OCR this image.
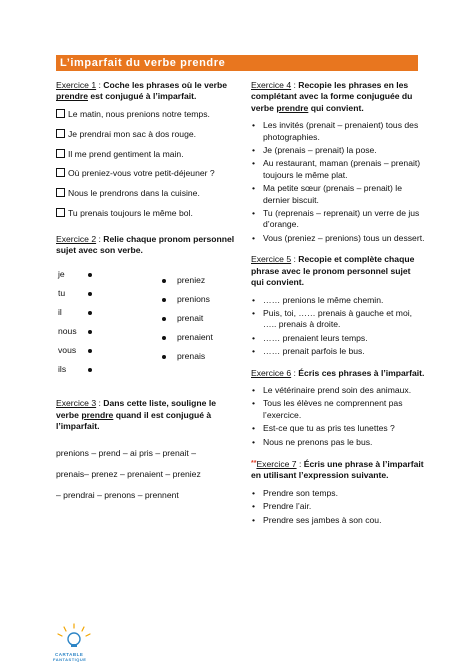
L’imparfait du verbe prendre

Exercice 1 : Coche les phrases où le verbe prendre est conjugué à l’imparfait.

Le matin, nous prenions notre temps.
Je prendrai mon sac à dos rouge.
Il me prend gentiment la main.
Où preniez-vous votre petit-déjeuner ?
Nous le prendrons dans la cuisine.
Tu prenais toujours le même bol.

Exercice 2 : Relie chaque pronom personnel sujet avec son verbe.

je
tu
il
nous
vous
ils
preniez
prenions
prenait
prenaient
prenais

Exercice 3 : Dans cette liste, souligne le verbe prendre quand il est conjugué à l’imparfait.

prenions – prend – ai pris – prenait –
prenais– prenez – prenaient – preniez
– prendrai – prenons – prennent

Exercice 4 : Recopie les phrases en les complétant avec la forme conjuguée du verbe prendre qui convient.

• Les invités (prenait – prenaient) tous des photographies.
• Je (prenais – prenait) la pose.
• Au restaurant, maman (prenais – prenait) toujours le même plat.
• Ma petite sœur (prenais – prenait) le dernier biscuit.
• Tu (reprenais – reprenait) un verre de jus d’orange.
• Vous (preniez – prenions) tous un dessert.

Exercice 5 : Recopie et complète chaque phrase avec le pronom personnel sujet qui convient.

• …… prenions le même chemin.
• Puis, toi, …… prenais à gauche et moi, ….. prenais à droite.
• …… prenaient leurs temps.
• …… prenait parfois le bus.

Exercice 6 : Écris ces phrases à l’imparfait.

• Le vétérinaire prend soin des animaux.
• Tous les élèves ne comprennent pas l’exercice.
• Est-ce que tu as pris tes lunettes ?
• Nous ne prenons pas le bus.

**Exercice 7 : Écris une phrase à l’imparfait en utilisant l’expression suivante.

• Prendre son temps.
• Prendre l’air.
• Prendre ses jambes à son cou.
CARTABLE
FANTASTIQUE
